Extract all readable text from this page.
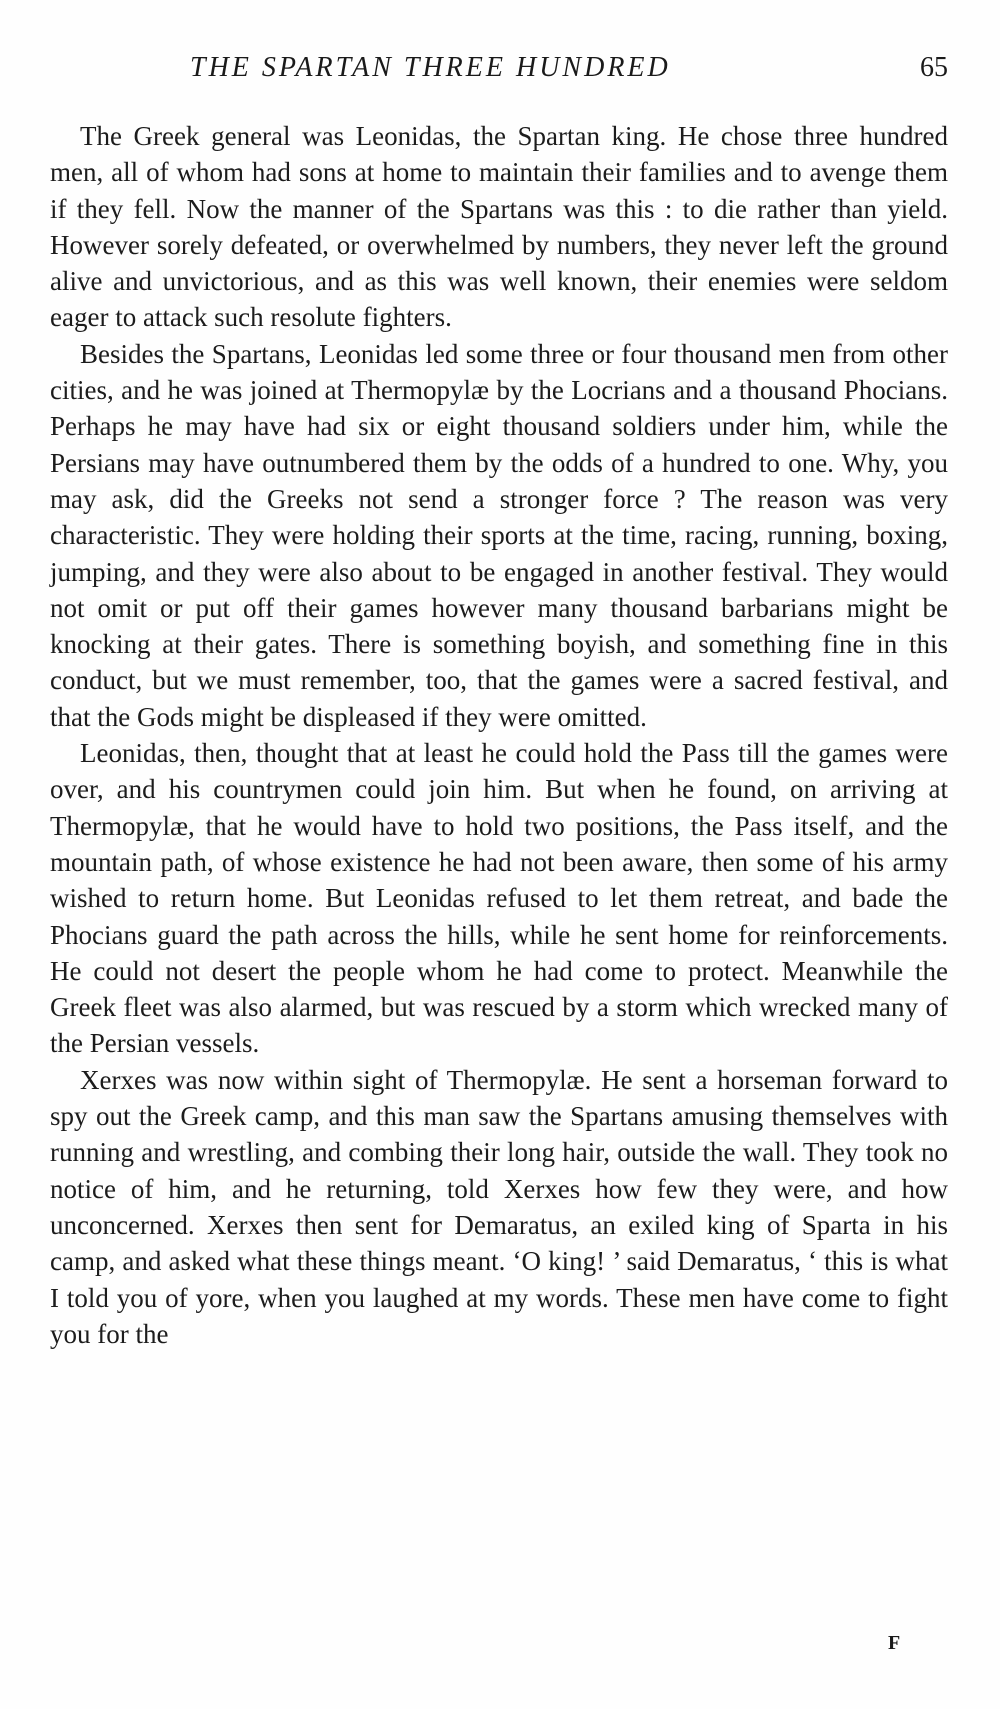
THE SPARTAN THREE HUNDRED	65

The Greek general was Leonidas, the Spartan king. He chose three hundred men, all of whom had sons at home to maintain their families and to avenge them if they fell. Now the manner of the Spartans was this : to die rather than yield. However sorely defeated, or overwhelmed by numbers, they never left the ground alive and unvictorious, and as this was well known, their enemies were seldom eager to attack such resolute fighters.

Besides the Spartans, Leonidas led some three or four thousand men from other cities, and he was joined at Thermopylæ by the Locrians and a thousand Phocians. Perhaps he may have had six or eight thousand soldiers under him, while the Persians may have outnumbered them by the odds of a hundred to one. Why, you may ask, did the Greeks not send a stronger force ? The reason was very characteristic. They were holding their sports at the time, racing, running, boxing, jumping, and they were also about to be engaged in another festival. They would not omit or put off their games however many thousand barbarians might be knocking at their gates. There is something boyish, and something fine in this conduct, but we must remember, too, that the games were a sacred festival, and that the Gods might be displeased if they were omitted.

Leonidas, then, thought that at least he could hold the Pass till the games were over, and his countrymen could join him. But when he found, on arriving at Thermopylæ, that he would have to hold two positions, the Pass itself, and the mountain path, of whose existence he had not been aware, then some of his army wished to return home. But Leonidas refused to let them retreat, and bade the Phocians guard the path across the hills, while he sent home for reinforcements. He could not desert the people whom he had come to protect. Meanwhile the Greek fleet was also alarmed, but was rescued by a storm which wrecked many of the Persian vessels.

Xerxes was now within sight of Thermopylæ. He sent a horseman forward to spy out the Greek camp, and this man saw the Spartans amusing themselves with running and wrestling, and combing their long hair, outside the wall. They took no notice of him, and he returning, told Xerxes how few they were, and how unconcerned. Xerxes then sent for Demaratus, an exiled king of Sparta in his camp, and asked what these things meant. ‘O king! ’ said Demaratus, ‘ this is what I told you of yore, when you laughed at my words. These men have come to fight you for the

F
